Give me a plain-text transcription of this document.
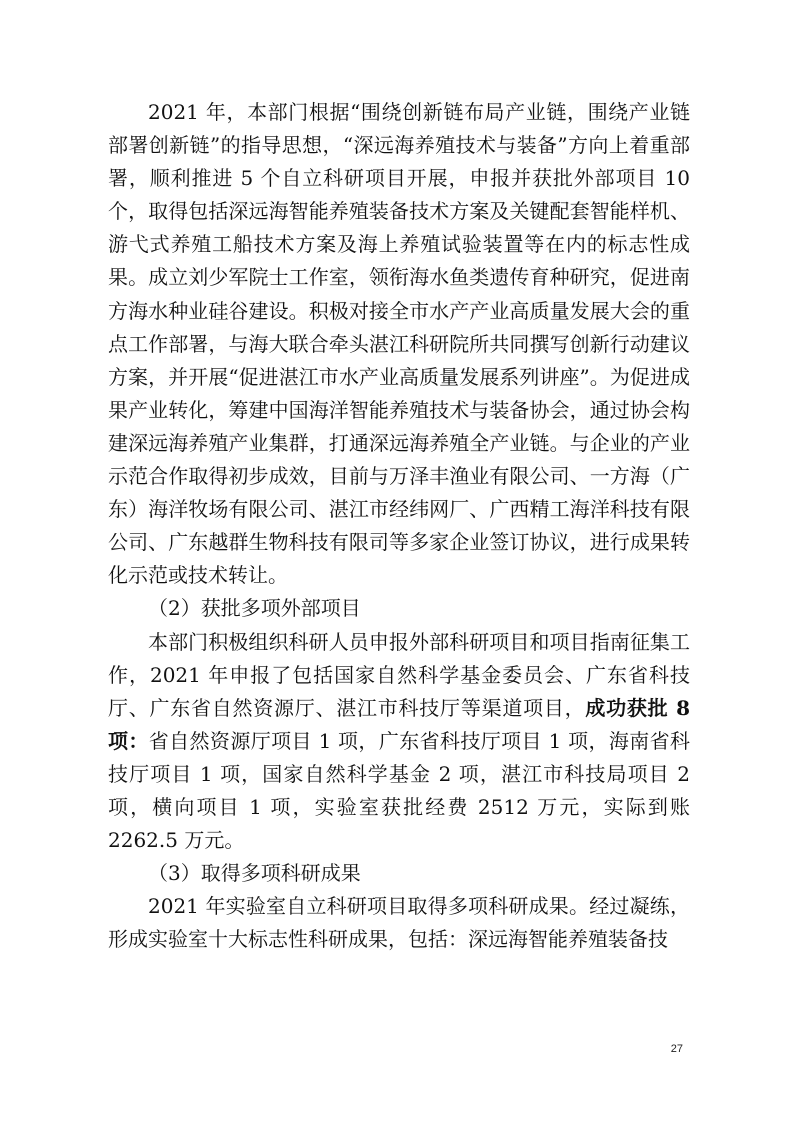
2021 年，本部门根据“围绕创新链布局产业链，围绕产业链部署创新链”的指导思想，“深远海养殖技术与装备”方向上着重部署，顺利推进 5 个自立科研项目开展，申报并获批外部项目 10 个，取得包括深远海智能养殖装备技术方案及关键配套智能样机、游弋式养殖工船技术方案及海上养殖试验装置等在内的标志性成果。成立刘少军院士工作室，领衔海水鱼类遗传育种研究，促进南方海水种业硅谷建设。积极对接全市水产产业高质量发展大会的重点工作部署，与海大联合牵头湛江科研院所共同撰写创新行动建议方案，并开展“促进湛江市水产业高质量发展系列讲座”。为促进成果产业转化，筹建中国海洋智能养殖技术与装备协会，通过协会构建深远海养殖产业集群，打通深远海养殖全产业链。与企业的产业示范合作取得初步成效，目前与万泽丰渔业有限公司、一方海（广东）海洋牧场有限公司、湛江市经纬网厂、广西精工海洋科技有限公司、广东越群生物科技有限司等多家企业签订协议，进行成果转化示范或技术转让。

（2）获批多项外部项目

本部门积极组织科研人员申报外部科研项目和项目指南征集工作，2021 年申报了包括国家自然科学基金委员会、广东省科技厅、广东省自然资源厅、湛江市科技厅等渠道项目，成功获批 8 项：省自然资源厅项目 1 项，广东省科技厅项目 1 项，海南省科技厅项目 1 项，国家自然科学基金 2 项，湛江市科技局项目 2 项，横向项目 1 项，实验室获批经费 2512 万元，实际到账 2262.5 万元。

（3）取得多项科研成果

2021 年实验室自立科研项目取得多项科研成果。经过凝练，形成实验室十大标志性科研成果，包括：深远海智能养殖装备技

27
